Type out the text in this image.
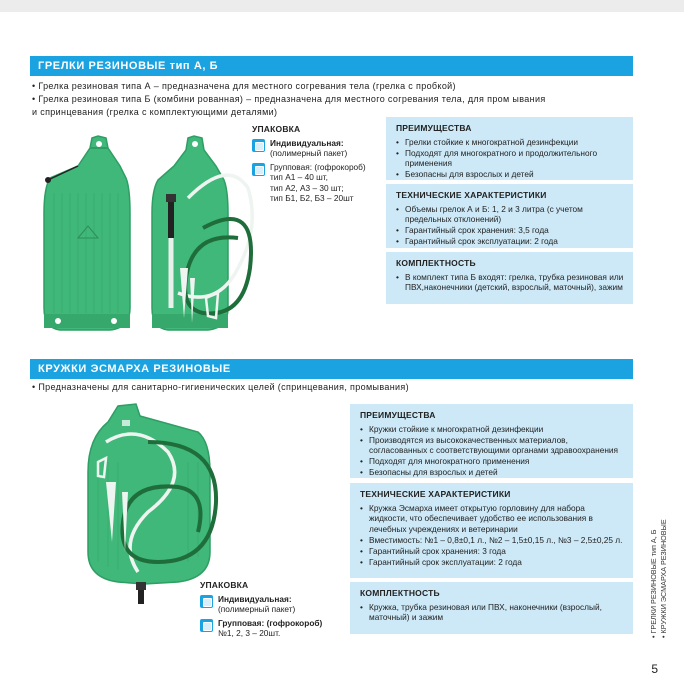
ГРЕЛКИ РЕЗИНОВЫЕ тип А, Б

• Грелка резиновая типа А – предназначена для местного согревания тела (грелка с пробкой)

• Грелка резиновая типа Б (комбини рованная) – предназначена для местного согревания тела, для пром ывания

и спринцевания (грелка с комплектующими деталями)

УПАКОВКА
Индивидуальная:
(полимерный пакет)
Групповая: (гофрокороб)
тип А1 – 40 шт,
тип А2, А3 – 30 шт;
тип Б1, Б2, Б3 – 20шт
ПРЕИМУЩЕСТВА
• Грелки стойкие к многократной дезинфекции
• Подходят для многократного и продолжительного применения
• Безопасны для взрослых и детей
ТЕХНИЧЕСКИЕ ХАРАКТЕРИСТИКИ
• Объемы грелок А и Б: 1, 2 и 3 литра (с учетом предельных отклонений)
• Гарантийный срок хранения: 3,5 года
• Гарантийный срок эксплуатации: 2 года
КОМПЛЕКТНОСТЬ
• В комплект типа Б входят: грелка, трубка резиновая или ПВХ,наконечники (детский, взрослый, маточный), зажим
КРУЖКИ ЭСМАРХА РЕЗИНОВЫЕ

• Предназначены для санитарно-гигиенических целей (спринцевания, промывания)

УПАКОВКА
Индивидуальная:
(полимерный пакет)
Групповая: (гофрокороб)
№1, 2, 3 – 20шт.
ПРЕИМУЩЕСТВА
• Кружки стойкие к многократной дезинфекции
• Производятся из высококачественных материалов, согласованных с соответствующими органами здравоохранения
• Подходят для многократного применения
• Безопасны для взрослых и детей
ТЕХНИЧЕСКИЕ ХАРАКТЕРИСТИКИ
• Кружка Эсмарха имеет открытую горловину для набора жидкости, что обеспечивает удобство ее использования в лечебных учреждениях и ветеринарии
• Вместимость: №1 – 0,8±0,1 л., №2 – 1,5±0,15 л., №3 – 2,5±0,25 л.
• Гарантийный срок хранения: 3 года
• Гарантийный срок эксплуатации: 2 года
КОМПЛЕКТНОСТЬ
• Кружка, трубка резиновая или ПВХ, наконечники (взрослый, маточный) и зажим	• ГРЕЛКИ РЕЗИНОВЫЕ тип А, Б • КРУЖКИ ЭСМАРХА РЕЗИНОВЫЕ
5
